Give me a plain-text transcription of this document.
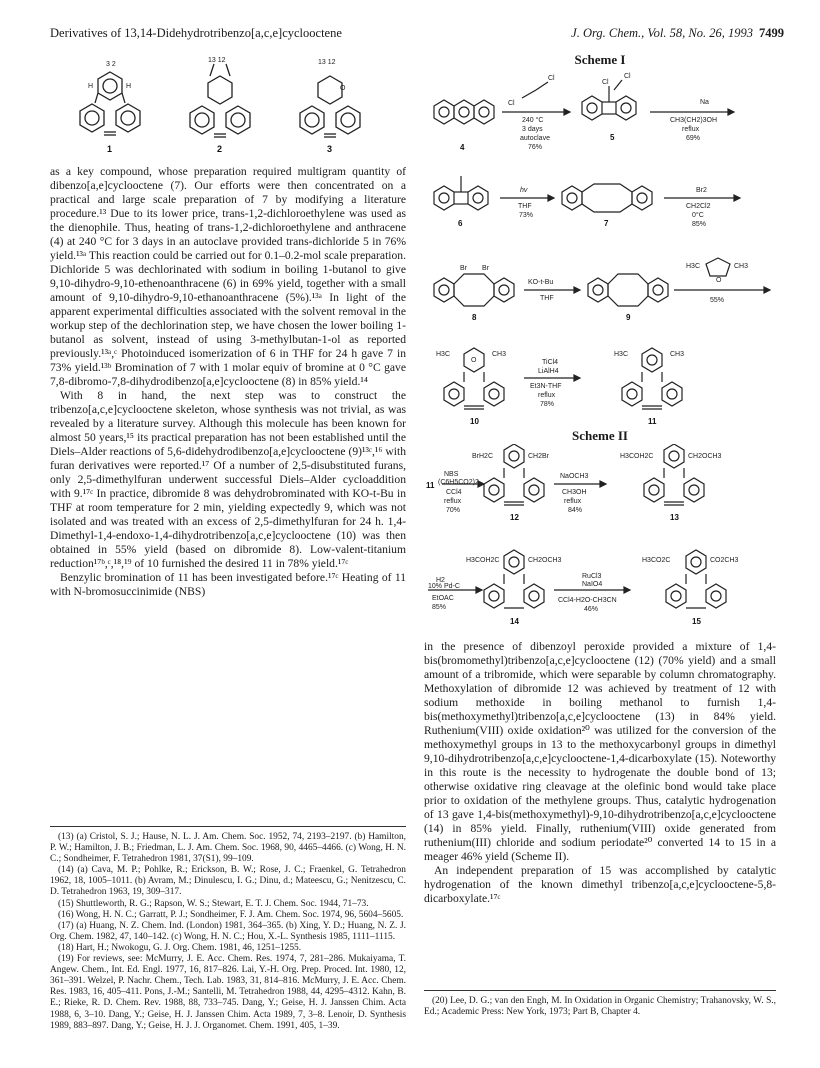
Derivatives of 13,14-Didehydrotribenzo[a,c,e]cyclooctene	J. Org. Chem., Vol. 58, No. 26, 1993 7499
3 2
H	H
13 12	13 12
O
1	2	3

as a key compound, whose preparation required multigram quantity of dibenzo[a,e]cyclooctene (7). Our efforts were then concentrated on a practical and large scale preparation of 7 by modifying a literature procedure.¹³ Due to its lower price, trans-1,2-dichloroethylene was used as the dienophile. Thus, heating of trans-1,2-dichloroethylene and anthracene (4) at 240 °C for 3 days in an autoclave provided trans-dichloride 5 in 76% yield.¹³ᵃ This reaction could be carried out for 0.1–0.2-mol scale preparation. Dichloride 5 was dechlorinated with sodium in boiling 1-butanol to give 9,10-dihydro-9,10-ethenoanthracene (6) in 69% yield, together with a small amount of 9,10-dihydro-9,10-ethanoanthracene (5%).¹³ᵃ In light of the apparent experimental difficulties associated with the solvent removal in the workup step of the dechlorination step, we have chosen the lower boiling 1-butanol as solvent, instead of using 3-methylbutan-1-ol as reported previously.¹³ᵃ,ᶜ Photoinduced isomerization of 6 in THF for 24 h gave 7 in 73% yield.¹³ᵇ Bromination of 7 with 1 molar equiv of bromine at 0 °C gave 7,8-dibromo-7,8-dihydrodibenzo[a,e]cyclooctene (8) in 85% yield.¹⁴

With 8 in hand, the next step was to construct the tribenzo[a,c,e]cyclooctene skeleton, whose synthesis was not trivial, as was revealed by a literature survey. Although this molecule has been known for almost 50 years,¹⁵ its practical preparation has not been established until the Diels–Alder reactions of 5,6-didehydrodibenzo[a,e]cyclooctene (9)¹³ᶜ,¹⁶ with furan derivatives were reported.¹⁷ Of a number of 2,5-disubstituted furans, only 2,5-dimethylfuran underwent successful Diels–Alder cycloaddition with 9.¹⁷ᶜ In practice, dibromide 8 was dehydrobrominated with KO-t-Bu in THF at room temperature for 2 min, yielding expectedly 9, which was not isolated and was treated with an excess of 2,5-dimethylfuran for 24 h. 1,4-Dimethyl-1,4-endoxo-1,4-dihydrotribenzo[a,c,e]cyclooctene (10) was then obtained in 55% yield (based on dibromide 8). Low-valent-titanium reduction¹⁷ᵇ,ᶜ,¹⁸,¹⁹ of 10 furnished the desired 11 in 78% yield.¹⁷ᶜ

Benzylic bromination of 11 has been investigated before.¹⁷ᶜ Heating of 11 with N-bromosuccinimide (NBS)

(13) (a) Cristol, S. J.; Hause, N. L. J. Am. Chem. Soc. 1952, 74, 2193–2197. (b) Hamilton, P. W.; Hamilton, J. B.; Friedman, L. J. Am. Chem. Soc. 1968, 90, 4465–4466. (c) Wong, H. N. C.; Sondheimer, F. Tetrahedron 1981, 37(S1), 99–109.

(14) (a) Cava, M. P.; Pohlke, R.; Erickson, B. W.; Rose, J. C.; Fraenkel, G. Tetrahedron 1962, 18, 1005–1011. (b) Avram, M.; Dinulescu, I. G.; Dinu, d.; Mateescu, G.; Nenitzescu, C. D. Tetrahedron 1963, 19, 309–317.

(15) Shuttleworth, R. G.; Rapson, W. S.; Stewart, E. T. J. Chem. Soc. 1944, 71–73.

(16) Wong, H. N. C.; Garratt, P. J.; Sondheimer, F. J. Am. Chem. Soc. 1974, 96, 5604–5605.

(17) (a) Huang, N. Z. Chem. Ind. (London) 1981, 364–365. (b) Xing, Y. D.; Huang, N. Z. J. Org. Chem. 1982, 47, 140–142. (c) Wong, H. N. C.; Hou, X.-L. Synthesis 1985, 1111–1115.

(18) Hart, H.; Nwokogu, G. J. Org. Chem. 1981, 46, 1251–1255.

(19) For reviews, see: McMurry, J. E. Acc. Chem. Res. 1974, 7, 281–286. Mukaiyama, T. Angew. Chem., Int. Ed. Engl. 1977, 16, 817–826. Lai, Y.-H. Org. Prep. Proced. Int. 1980, 12, 361–391. Welzel, P. Nachr. Chem., Tech. Lab. 1983, 31, 814–816. McMurry, J. E. Acc. Chem. Res. 1983, 16, 405–411. Pons, J.-M.; Santelli, M. Tetrahedron 1988, 44, 4295–4312. Kahn, B. E.; Rieke, R. D. Chem. Rev. 1988, 88, 733–745. Dang, Y.; Geise, H. J. Janssen Chim. Acta 1988, 6, 3–10. Dang, Y.; Geise, H. J. Janssen Chim. Acta 1989, 7, 3–8. Lenoir, D. Synthesis 1989, 883–897. Dang, Y.; Geise, H. J. J. Organomet. Chem. 1991, 405, 1–39.

Scheme I
Cl
Cl
Cl
Cl
240 °C
3 days
autoclave
76%
Na
CH3(CH2)3OH
reflux
69%
hv
THF
73%
Br2
CH2Cl2
0°C
85%
Br Br
KO-t-Bu
THF
H3C	CH3
O
55%
H3C	CH3
O	TiCl4
LiAlH4
Et3N-THF
reflux
78%
H3C	CH3
4
5
6	7
8	9
10	11
Scheme II
BrH2C	CH2Br
NBS
(C6H5CO2)2
CCl4
reflux
70%
NaOCH3
CH3OH
reflux
84%
H3COH2C	CH2OCH3
H3COH2C	CH2OCH3
H2
10% Pd-C
EtOAC
85%
H3CO2C	CO2CH3
RuCl3
NaIO4
CCl4-H2O-CH3CN
46%
11
12	13
14	15

in the presence of dibenzoyl peroxide provided a mixture of 1,4-bis(bromomethyl)tribenzo[a,c,e]cyclooctene (12) (70% yield) and a small amount of a tribromide, which were separable by column chromatography. Methoxylation of dibromide 12 was achieved by treatment of 12 with sodium methoxide in boiling methanol to furnish 1,4-bis(methoxymethyl)tribenzo[a,c,e]cyclooctene (13) in 84% yield. Ruthenium(VIII) oxide oxidation²⁰ was utilized for the conversion of the methoxymethyl groups in 13 to the methoxycarbonyl groups in dimethyl 9,10-dihydrotribenzo[a,c,e]cyclooctene-1,4-dicarboxylate (15). Noteworthy in this route is the necessity to hydrogenate the double bond of 13; otherwise oxidative ring cleavage at the olefinic bond would take place prior to oxidation of the methylene groups. Thus, catalytic hydrogenation of 13 gave 1,4-bis(methoxymethyl)-9,10-dihydrotribenzo[a,c,e]cyclooctene (14) in 85% yield. Finally, ruthenium(VIII) oxide generated from ruthenium(III) chloride and sodium periodate²⁰ converted 14 to 15 in a meager 46% yield (Scheme II).

An independent preparation of 15 was accomplished by catalytic hydrogenation of the known dimethyl tribenzo[a,c,e]cyclooctene-5,8-dicarboxylate.¹⁷ᶜ

(20) Lee, D. G.; van den Engh, M. In Oxidation in Organic Chemistry; Trahanovsky, W. S., Ed.; Academic Press: New York, 1973; Part B, Chapter 4.
